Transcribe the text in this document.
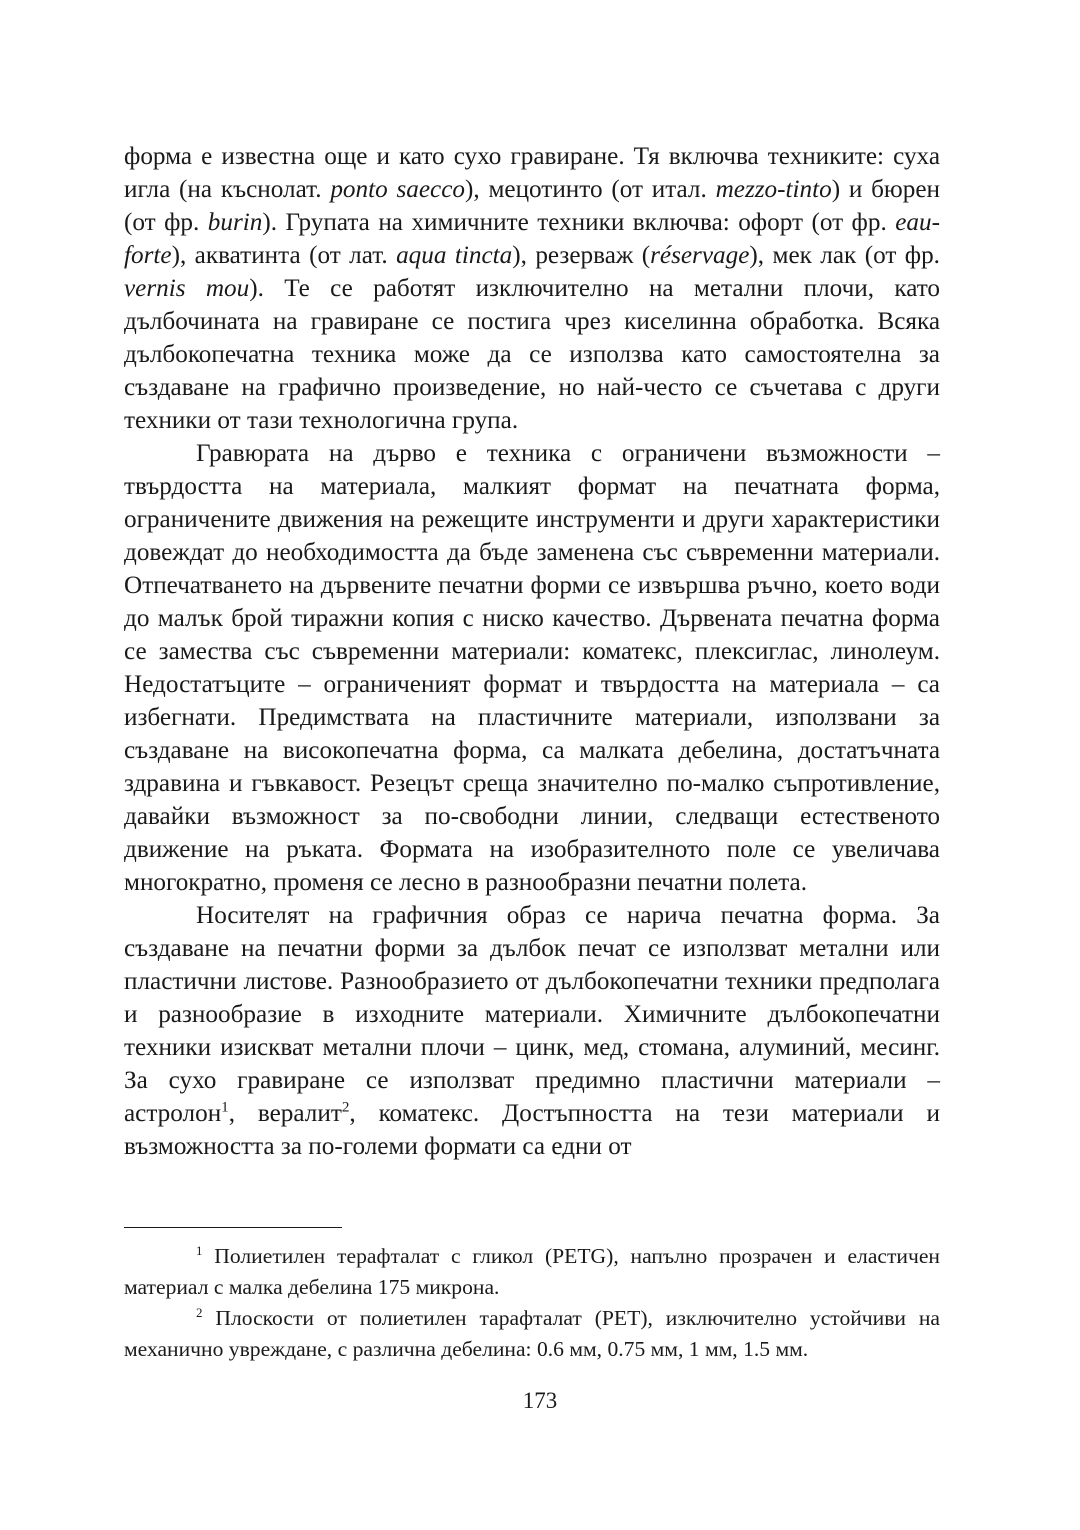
форма е известна още и като сухо гравиране. Тя включва техниките: суха игла (на къснолат. ponto saecco), мецотинто (от итал. mezzo-tinto) и бюрен (от фр. burin). Групата на химичните техники включва: офорт (от фр. eau-forte), акватинта (от лат. aqua tincta), резерваж (réservage), мек лак (от фр. vernis mou). Те се работят изключително на метални плочи, като дълбочината на гравиране се постига чрез киселинна обработка. Всяка дълбокопечатна техника може да се използва като самостоятелна за създаване на графично произведение, но най-често се съчетава с други техники от тази технологична група.

Гравюрата на дърво е техника с ограничени възможности – твърдостта на материала, малкият формат на печатната форма, ограничените движения на режещите инструменти и други характеристики довеждат до необходимостта да бъде заменена със съвременни материали. Отпечатването на дървените печатни форми се извършва ръчно, което води до малък брой тиражни копия с ниско качество. Дървената печатна форма се замества със съвременни материали: коматекс, плексиглас, линолеум. Недостатъците – ограниченият формат и твърдостта на материала – са избегнати. Предимствата на пластичните материали, използвани за създаване на високопечатна форма, са малката дебелина, достатъчната здравина и гъвкавост. Резецът среща значително по-малко съпротивление, давайки възможност за по-свободни линии, следващи естественото движение на ръката. Формата на изобразителното поле се увеличава многократно, променя се лесно в разнообразни печатни полета.

Носителят на графичния образ се нарича печатна форма. За създаване на печатни форми за дълбок печат се използват метални или пластични листове. Разнообразието от дълбокопечатни техники предполага и разнообразие в изходните материали. Химичните дълбокопечатни техники изискват метални плочи – цинк, мед, стомана, алуминий, месинг. За сухо гравиране се използват предимно пластични материали – астролон$^1$, вералит$^2$, коматекс. Достъпността на тези материали и възможността за по-големи формати са едни от

$^1$ Полиетилен терафталат с гликол (PETG), напълно прозрачен и еластичен материал с малка дебелина 175 микрона.

$^2$ Плоскости от полиетилен тарафталат (PET), изключително устойчиви на механично увреждане, с различна дебелина: 0.6 мм, 0.75 мм, 1 мм, 1.5 мм.

173
